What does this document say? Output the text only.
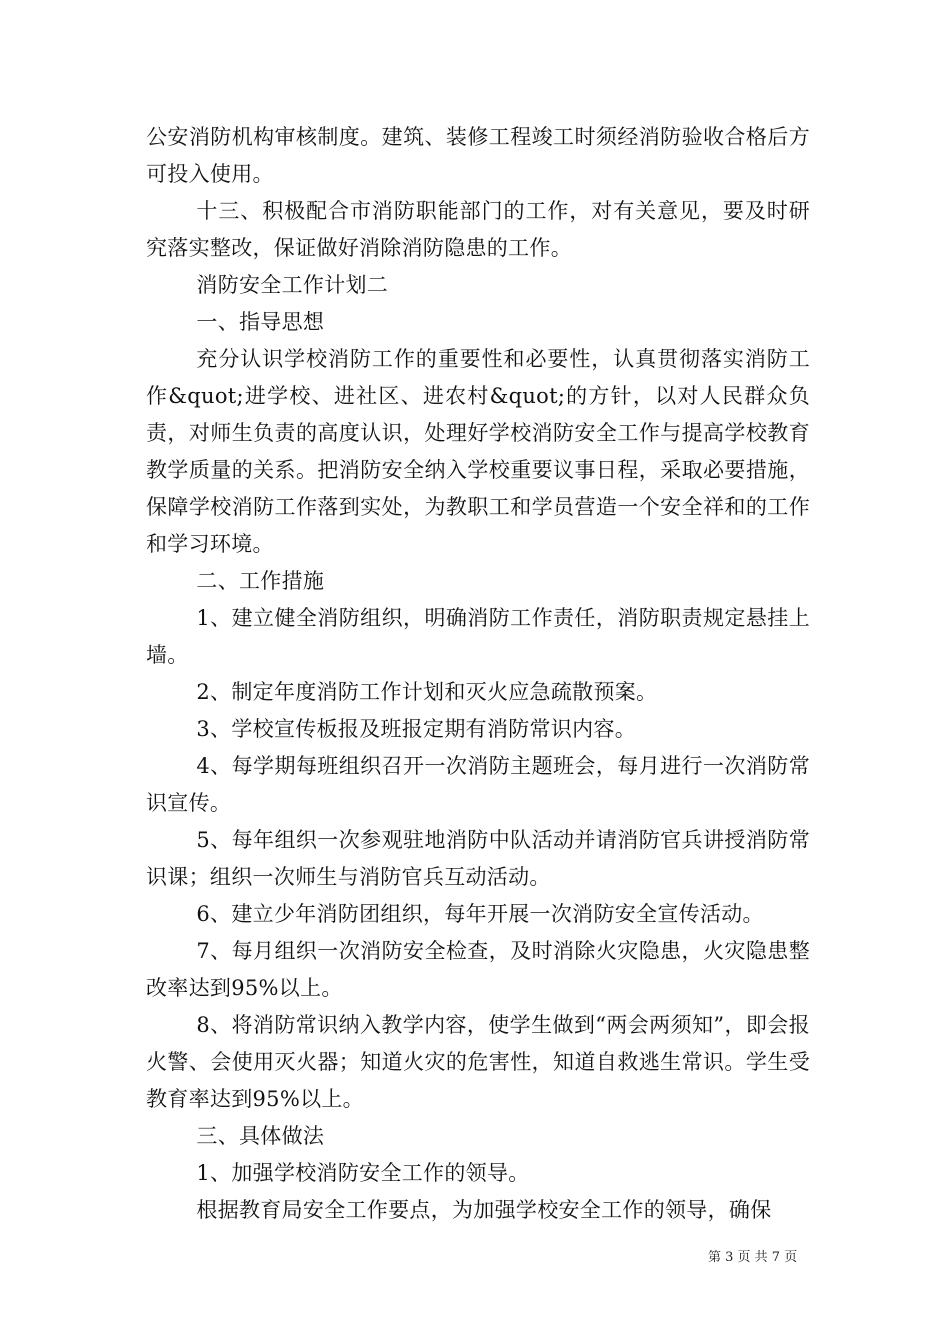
公安消防机构审核制度。建筑、装修工程竣工时须经消防验收合格后方可投入使用。

十三、积极配合市消防职能部门的工作，对有关意见，要及时研究落实整改，保证做好消除消防隐患的工作。

消防安全工作计划二

一、指导思想

充分认识学校消防工作的重要性和必要性，认真贯彻落实消防工作&quot;进学校、进社区、进农村&quot;的方针，以对人民群众负责，对师生负责的高度认识，处理好学校消防安全工作与提高学校教育教学质量的关系。把消防安全纳入学校重要议事日程，采取必要措施，保障学校消防工作落到实处，为教职工和学员营造一个安全祥和的工作和学习环境。

二、工作措施

1、建立健全消防组织，明确消防工作责任，消防职责规定悬挂上墙。

2、制定年度消防工作计划和灭火应急疏散预案。

3、学校宣传板报及班报定期有消防常识内容。

4、每学期每班组织召开一次消防主题班会，每月进行一次消防常识宣传。

5、每年组织一次参观驻地消防中队活动并请消防官兵讲授消防常识课；组织一次师生与消防官兵互动活动。

6、建立少年消防团组织，每年开展一次消防安全宣传活动。

7、每月组织一次消防安全检查，及时消除火灾隐患，火灾隐患整改率达到95%以上。

8、将消防常识纳入教学内容，使学生做到“两会两须知”，即会报火警、会使用灭火器；知道火灾的危害性，知道自救逃生常识。学生受教育率达到95%以上。

三、具体做法

1、加强学校消防安全工作的领导。

根据教育局安全工作要点，为加强学校安全工作的领导，确保

第 3 页 共 7 页
